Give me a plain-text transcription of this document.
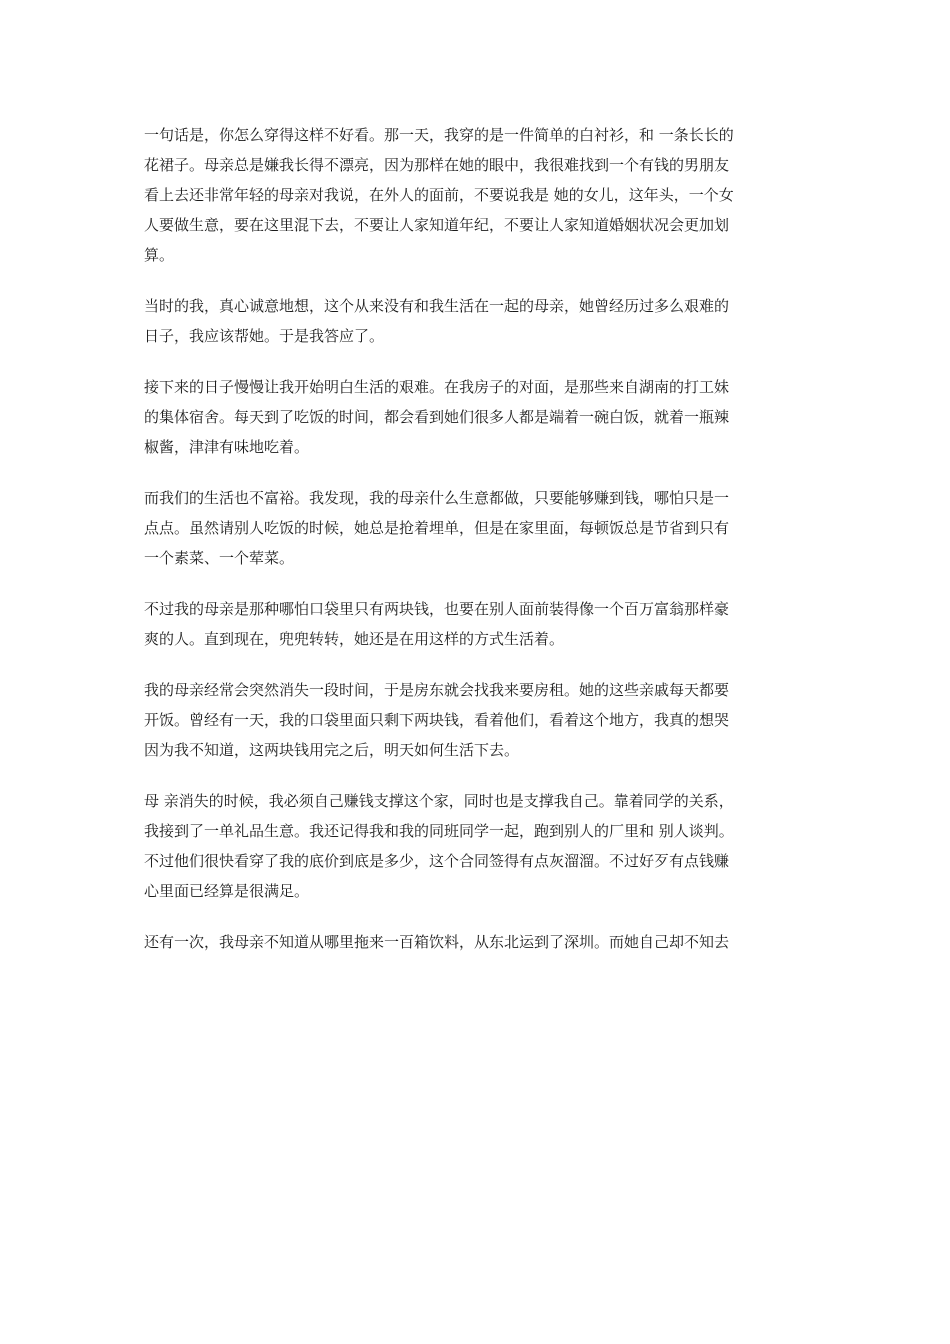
一句话是，你怎么穿得这样不好看。那一天，我穿的是一件简单的白衬衫，和 一条长长的
花裙子。母亲总是嫌我长得不漂亮，因为那样在她的眼中，我很难找到一个有钱的男朋友
看上去还非常年轻的母亲对我说，在外人的面前，不要说我是 她的女儿，这年头，一个女
人要做生意，要在这里混下去，不要让人家知道年纪，不要让人家知道婚姻状况会更加划
算。

当时的我，真心诚意地想，这个从来没有和我生活在一起的母亲，她曾经历过多么艰难的
日子，我应该帮她。于是我答应了。

接下来的日子慢慢让我开始明白生活的艰难。在我房子的对面，是那些来自湖南的打工妹
的集体宿舍。每天到了吃饭的时间，都会看到她们很多人都是端着一碗白饭，就着一瓶辣
椒酱，津津有味地吃着。

而我们的生活也不富裕。我发现，我的母亲什么生意都做，只要能够赚到钱，哪怕只是一
点点。虽然请别人吃饭的时候，她总是抢着埋单，但是在家里面，每顿饭总是节省到只有
一个素菜、一个荤菜。

不过我的母亲是那种哪怕口袋里只有两块钱，也要在别人面前装得像一个百万富翁那样豪
爽的人。直到现在，兜兜转转，她还是在用这样的方式生活着。

我的母亲经常会突然消失一段时间，于是房东就会找我来要房租。她的这些亲戚每天都要
开饭。曾经有一天，我的口袋里面只剩下两块钱，看着他们，看着这个地方，我真的想哭
因为我不知道，这两块钱用完之后，明天如何生活下去。

母 亲消失的时候，我必须自己赚钱支撑这个家，同时也是支撑我自己。靠着同学的关系，
我接到了一单礼品生意。我还记得我和我的同班同学一起，跑到别人的厂里和 别人谈判。
不过他们很快看穿了我的底价到底是多少，这个合同签得有点灰溜溜。不过好歹有点钱赚
心里面已经算是很满足。

还有一次，我母亲不知道从哪里拖来一百箱饮料，从东北运到了深圳。而她自己却不知去
